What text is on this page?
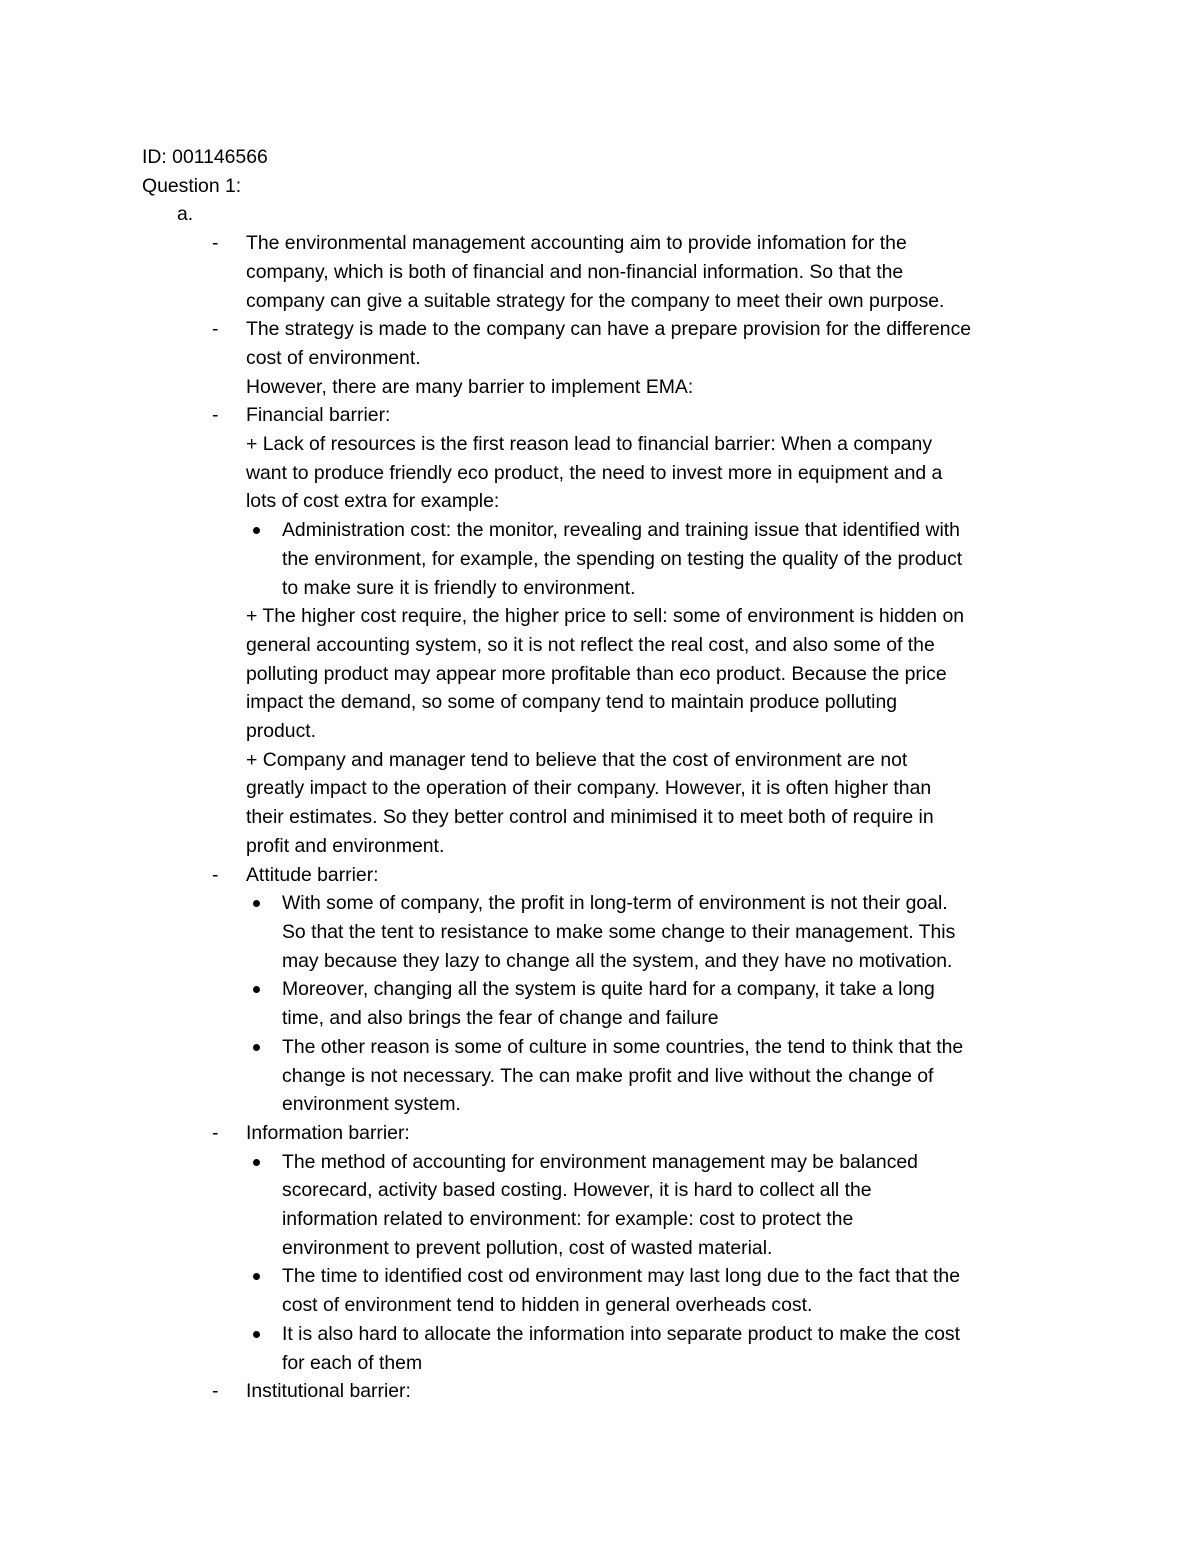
ID: 001146566

Question 1:

a.

- The environmental management accounting aim to provide infomation for the
company, which is both of financial and non-financial information. So that the
company can give a suitable strategy for the company to meet their own purpose.
- The strategy is made to the company can have a prepare provision for the difference
cost of environment.

However, there are many barrier to implement EMA:

- Financial barrier:
+ Lack of resources is the first reason lead to financial barrier: When a company
want to produce friendly eco product, the need to invest more in equipment and a
lots of cost extra for example:
Administration cost: the monitor, revealing and training issue that identified with
the environment, for example, the spending on testing the quality of the product
to make sure it is friendly to environment.
+ The higher cost require, the higher price to sell: some of environment is hidden on
general accounting system, so it is not reflect the real cost, and also some of the
polluting product may appear more profitable than eco product. Because the price
impact the demand, so some of company tend to maintain produce polluting
product.
+ Company and manager tend to believe that the cost of environment are not
greatly impact to the operation of their company. However, it is often higher than
their estimates. So they better control and minimised it to meet both of require in
profit and environment.
- Attitude barrier:
With some of company, the profit in long-term of environment is not their goal.
So that the tent to resistance to make some change to their management. This
may because they lazy to change all the system, and they have no motivation.
Moreover, changing all the system is quite hard for a company, it take a long
time, and also brings the fear of change and failure
The other reason is some of culture in some countries, the tend to think that the
change is not necessary. The can make profit and live without the change of
environment system.
- Information barrier:
The method of accounting for environment management may be balanced
scorecard, activity based costing. However, it is hard to collect all the
information related to environment: for example: cost to protect the
environment to prevent pollution, cost of wasted material.
The time to identified cost od environment may last long due to the fact that the
cost of environment tend to hidden in general overheads cost.
It is also hard to allocate the information into separate product to make the cost
for each of them
- Institutional barrier:
